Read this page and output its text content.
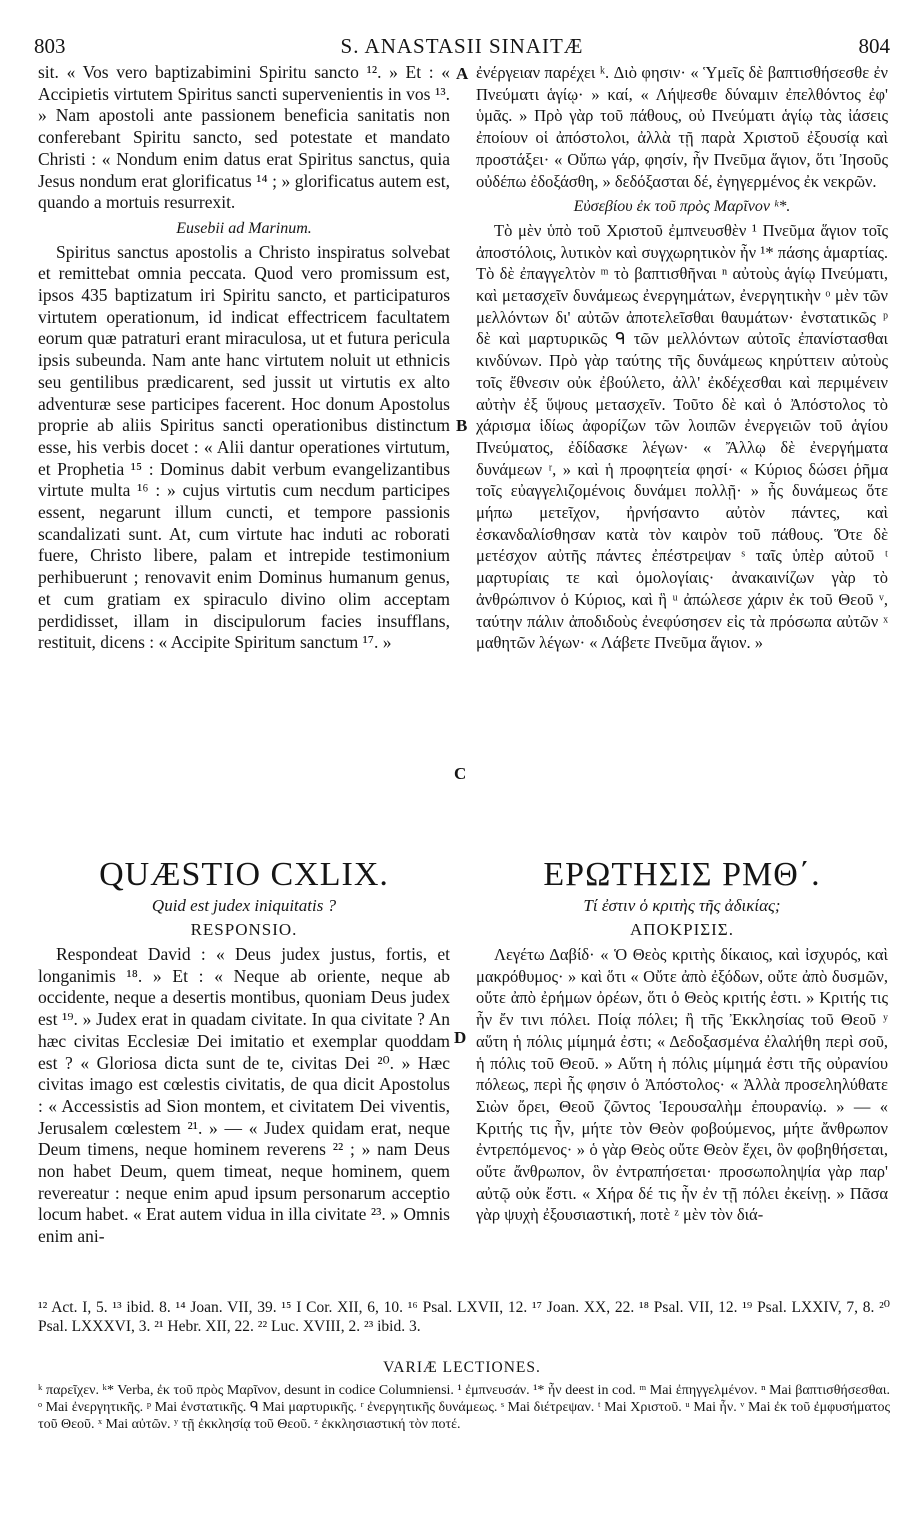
803	S. ANASTASII SINAITÆ	804

sit. « Vos vero baptizabimini Spiritu sancto ¹². » Et : « Accipietis virtutem Spiritus sancti supervenientis in vos ¹³. » Nam apostoli ante passionem beneficia sanitatis non conferebant Spiritu sancto, sed potestate et mandato Christi : « Nondum enim datus erat Spiritus sanctus, quia Jesus nondum erat glorificatus ¹⁴ ; » glorificatus autem est, quando a mortuis resurrexit.

Eusebii ad Marinum.

Spiritus sanctus apostolis a Christo inspiratus solvebat et remittebat omnia peccata. Quod vero promissum est, ipsos 435 baptizatum iri Spiritu sancto, et participaturos virtutem operationum, id indicat effectricem facultatem eorum quæ patraturi erant miraculosa, ut et futura pericula ipsis subeunda. Nam ante hanc virtutem noluit ut ethnicis seu gentilibus prædicarent, sed jussit ut virtutis ex alto adventuræ sese participes facerent. Hoc donum Apostolus proprie ab aliis Spiritus sancti operationibus distinctum esse, his verbis docet : « Alii dantur operationes virtutum, et Prophetia ¹⁵ : Dominus dabit verbum evangelizantibus virtute multa ¹⁶ : » cujus virtutis cum necdum participes essent, negarunt illum cuncti, et tempore passionis scandalizati sunt. At, cum virtute hac induti ac roborati fuere, Christo libere, palam et intrepide testimonium perhibuerunt ; renovavit enim Dominus humanum genus, et cum gratiam ex spiraculo divino olim acceptam perdidisset, illam in discipulorum facies insufflans, restituit, dicens : « Accipite Spiritum sanctum ¹⁷. »

ἐνέργειαν παρέχει ᵏ. Διὸ φησιν· « Ὑμεῖς δὲ βαπτισθήσεσθε ἐν Πνεύματι ἁγίῳ· » καί, « Λήψεσθε δύναμιν ἐπελθόντος ἐφ' ὑμᾶς. » Πρὸ γὰρ τοῦ πάθους, οὐ Πνεύματι ἁγίῳ τὰς ἰάσεις ἐποίουν οἱ ἀπόστολοι, ἀλλὰ τῇ παρὰ Χριστοῦ ἐξουσίᾳ καὶ προστάξει· « Οὔπω γάρ, φησίν, ἦν Πνεῦμα ἅγιον, ὅτι Ἰησοῦς οὐδέπω ἐδοξάσθη, » δεδόξασται δέ, ἐγηγερμένος ἐκ νεκρῶν.

Εὐσεβίου ἐκ τοῦ πρὸς Μαρῖνον ᵏ*.

Τὸ μὲν ὑπὸ τοῦ Χριστοῦ ἐμπνευσθὲν ¹ Πνεῦμα ἅγιον τοῖς ἀποστόλοις, λυτικὸν καὶ συγχωρητικὸν ἦν ¹* πάσης ἁμαρτίας. Τὸ δὲ ἐπαγγελτὸν ᵐ τὸ βαπτισθῆναι ⁿ αὐτοὺς ἁγίῳ Πνεύματι, καὶ μετασχεῖν δυνάμεως ἐνεργημάτων, ἐνεργητικὴν ᵒ μὲν τῶν μελλόντων δι' αὐτῶν ἀποτελεῖσθαι θαυμάτων· ἐνστατικῶς ᵖ δὲ καὶ μαρτυρικῶς ᑫ τῶν μελλόντων αὐτοῖς ἐπανίστασθαι κινδύνων. Πρὸ γὰρ ταύτης τῆς δυνάμεως κηρύττειν αὐτοὺς τοῖς ἔθνεσιν οὐκ ἐβούλετο, ἀλλ' ἐκδέχεσθαι καὶ περιμένειν αὐτὴν ἐξ ὕψους μετασχεῖν. Τοῦτο δὲ καὶ ὁ Ἀπόστολος τὸ χάρισμα ἰδίως ἀφορίζων τῶν λοιπῶν ἐνεργειῶν τοῦ ἁγίου Πνεύματος, ἐδίδασκε λέγων· « Ἄλλῳ δὲ ἐνεργήματα δυνάμεων ʳ, » καὶ ἡ προφητεία φησί· « Κύριος δώσει ῥῆμα τοῖς εὐαγγελιζομένοις δυνάμει πολλῇ· » ἧς δυνάμεως ὅτε μήπω μετεῖχον, ἠρνήσαντο αὐτὸν πάντες, καὶ ἐσκανδαλίσθησαν κατὰ τὸν καιρὸν τοῦ πάθους. Ὅτε δὲ μετέσχον αὐτῆς πάντες ἐπέστρεψαν ˢ ταῖς ὑπὲρ αὐτοῦ ᵗ μαρτυρίαις τε καὶ ὁμολογίαις· ἀνακαινίζων γὰρ τὸ ἀνθρώπινον ὁ Κύριος, καὶ ἣ ᵘ ἀπώλεσε χάριν ἐκ τοῦ Θεοῦ ᵛ, ταύτην πάλιν ἀποδιδοὺς ἐνεφύσησεν εἰς τὰ πρόσωπα αὐτῶν ˣ μαθητῶν λέγων· « Λάβετε Πνεῦμα ἅγιον. »

A
B
C
D
QUÆSTIO CXLIX.	ΕΡΩΤΗΣΙΣ ΡΜΘ΄.
Quid est judex iniquitatis ?	Τί ἐστιν ὁ κριτὴς τῆς ἀδικίας;
RESPONSIO.	ΑΠΟΚΡΙΣΙΣ.

Respondeat David : « Deus judex justus, fortis, et longanimis ¹⁸. » Et : « Neque ab oriente, neque ab occidente, neque a desertis montibus, quoniam Deus judex est ¹⁹. » Judex erat in quadam civitate. In qua civitate ? An hæc civitas Ecclesiæ Dei imitatio et exemplar quoddam est ? « Gloriosa dicta sunt de te, civitas Dei ²⁰. » Hæc civitas imago est cœlestis civitatis, de qua dicit Apostolus : « Accessistis ad Sion montem, et civitatem Dei viventis, Jerusalem cœlestem ²¹. » — « Judex quidam erat, neque Deum timens, neque hominem reverens ²² ; » nam Deus non habet Deum, quem timeat, neque hominem, quem revereatur : neque enim apud ipsum personarum acceptio locum habet. « Erat autem vidua in illa civitate ²³. » Omnis enim ani-

Λεγέτω Δαβίδ· « Ὁ Θεὸς κριτὴς δίκαιος, καὶ ἰσχυρός, καὶ μακρόθυμος· » καὶ ὅτι « Οὔτε ἀπὸ ἐξόδων, οὔτε ἀπὸ δυσμῶν, οὔτε ἀπὸ ἐρήμων ὀρέων, ὅτι ὁ Θεὸς κριτής ἐστι. » Κριτής τις ἦν ἔν τινι πόλει. Ποίᾳ πόλει; ἢ τῆς Ἐκκλησίας τοῦ Θεοῦ ʸ αὕτη ἡ πόλις μίμημά ἐστι; « Δεδοξασμένα ἐλαλήθη περὶ σοῦ, ἡ πόλις τοῦ Θεοῦ. » Αὕτη ἡ πόλις μίμημά ἐστι τῆς οὐρανίου πόλεως, περὶ ἧς φησιν ὁ Ἀπόστολος· « Ἀλλὰ προσεληλύθατε Σιὼν ὄρει, Θεοῦ ζῶντος Ἱερουσαλὴμ ἐπουρανίῳ. » — « Κριτής τις ἦν, μήτε τὸν Θεὸν φοβούμενος, μήτε ἄνθρωπον ἐντρεπόμενος· » ὁ γὰρ Θεὸς οὔτε Θεὸν ἔχει, ὃν φοβηθήσεται, οὔτε ἄνθρωπον, ὃν ἐντραπήσεται· προσωποληψία γὰρ παρ' αὐτῷ οὐκ ἔστι. « Χήρα δέ τις ἦν ἐν τῇ πόλει ἐκείνῃ. » Πᾶσα γὰρ ψυχὴ ἐξουσιαστική, ποτὲ ᶻ μὲν τὸν διά-

¹² Act. I, 5. ¹³ ibid. 8. ¹⁴ Joan. VII, 39. ¹⁵ I Cor. XII, 6, 10. ¹⁶ Psal. LXVII, 12. ¹⁷ Joan. XX, 22. ¹⁸ Psal. VII, 12. ¹⁹ Psal. LXXIV, 7, 8. ²⁰ Psal. LXXXVI, 3. ²¹ Hebr. XII, 22. ²² Luc. XVIII, 2. ²³ ibid. 3.

VARIÆ LECTIONES.

ᵏ παρεῖχεν. ᵏ* Verba, ἐκ τοῦ πρὸς Μαρῖνον, desunt in codice Columniensi. ¹ ἐμπνευσάν. ¹* ἦν deest in cod. ᵐ Mai ἐπηγγελμένον. ⁿ Mai βαπτισθήσεσθαι. ᵒ Mai ἐνεργητικῆς. ᵖ Mai ἐνστατικῆς. ᑫ Mai μαρτυρικῆς. ʳ ἐνεργητικῆς δυνάμεως. ˢ Mai διέτρεψαν. ᵗ Mai Χριστοῦ. ᵘ Mai ἦν. ᵛ Mai ἐκ τοῦ ἐμφυσήματος τοῦ Θεοῦ. ˣ Mai αὐτῶν. ʸ τῇ ἐκκλησίᾳ τοῦ Θεοῦ. ᶻ ἐκκλησιαστική τὸν ποτέ.
